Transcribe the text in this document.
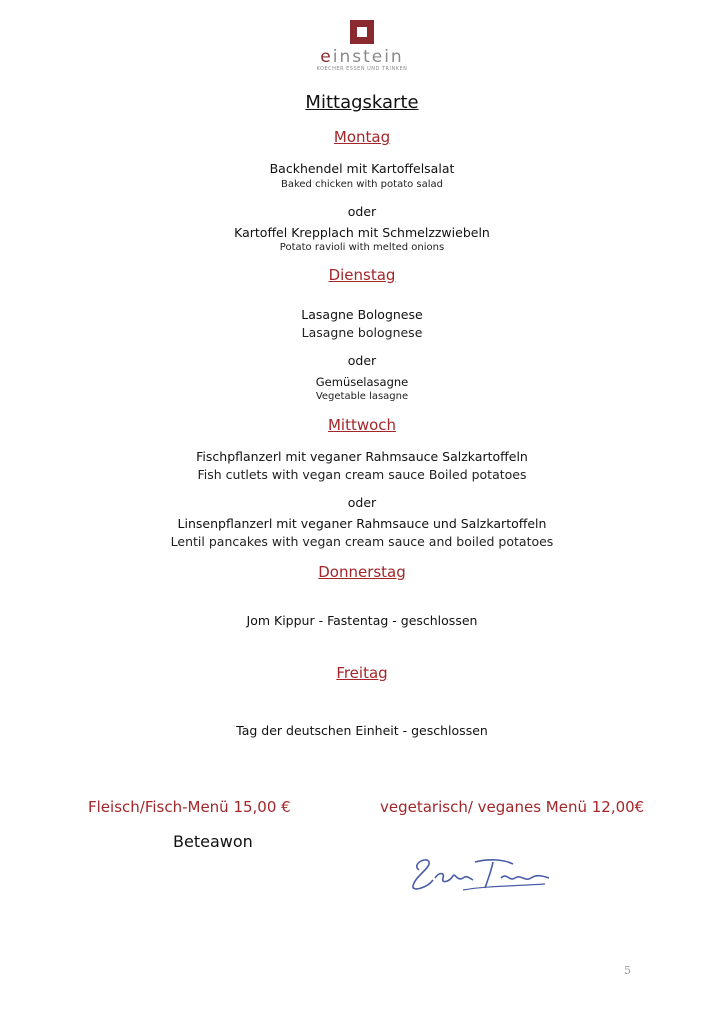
einstein
KOECHER ESSEN UND TRINKEN
Mittagskarte
Montag
Backhendel mit Kartoffelsalat
Baked chicken with potato salad
oder
Kartoffel Krepplach mit Schmelzzwiebeln
Potato ravioli with melted onions
Dienstag
Lasagne Bolognese
Lasagne bolognese
oder
Gemüselasagne
Vegetable lasagne
Mittwoch
Fischpflanzerl mit veganer Rahmsauce Salzkartoffeln
Fish cutlets with vegan cream sauce Boiled potatoes
oder
Linsenpflanzerl mit veganer Rahmsauce und Salzkartoffeln
Lentil pancakes with vegan cream sauce and boiled potatoes
Donnerstag
Jom Kippur - Fastentag - geschlossen
Freitag
Tag der deutschen Einheit - geschlossen
Fleisch/Fisch-Menü 15,00 €	vegetarisch/ veganes Menü 12,00€
Beteawon
5
